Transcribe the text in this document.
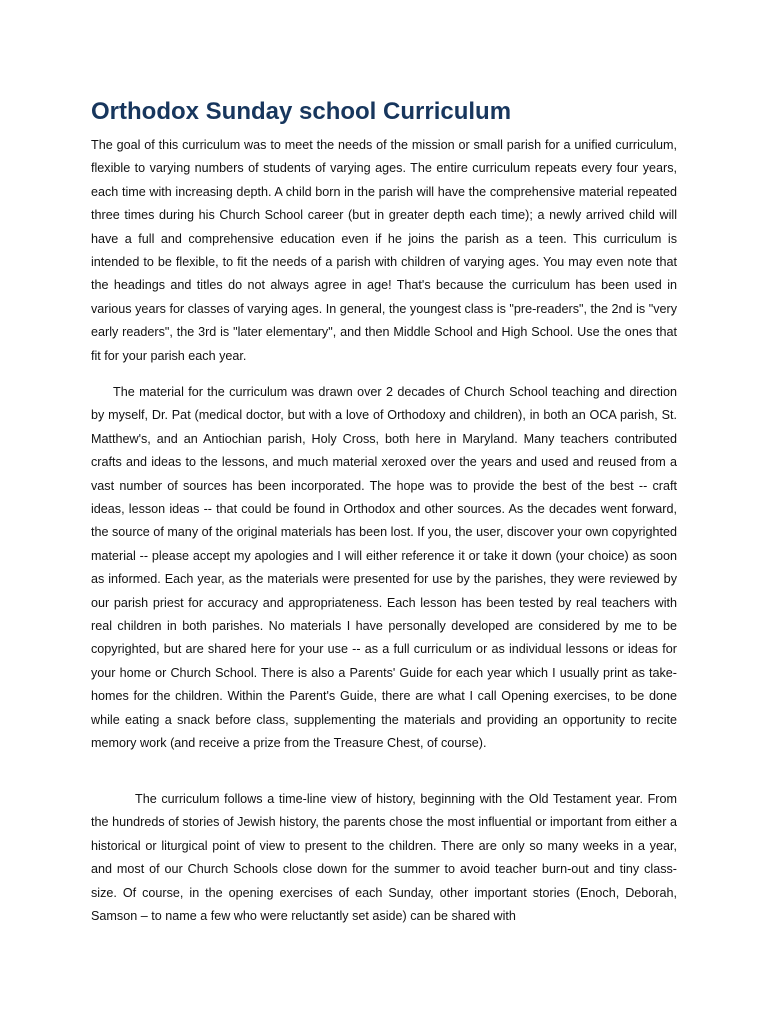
Orthodox Sunday school Curriculum

The goal of this curriculum was to meet the needs of the mission or small parish for a unified curriculum, flexible to varying numbers of students of varying ages. The entire curriculum repeats every four years, each time with increasing depth. A child born in the parish will have the comprehensive material repeated three times during his Church School career (but in greater depth each time); a newly arrived child will have a full and comprehensive education even if he joins the parish as a teen. This curriculum is intended to be flexible, to fit the needs of a parish with children of varying ages. You may even note that the headings and titles do not always agree in age! That's because the curriculum has been used in various years for classes of varying ages. In general, the youngest class is "pre-readers", the 2nd is "very early readers", the 3rd is "later elementary", and then Middle School and High School. Use the ones that fit for your parish each year.

The material for the curriculum was drawn over 2 decades of Church School teaching and direction by myself, Dr. Pat (medical doctor, but with a love of Orthodoxy and children), in both an OCA parish, St. Matthew's, and an Antiochian parish, Holy Cross, both here in Maryland. Many teachers contributed crafts and ideas to the lessons, and much material xeroxed over the years and used and reused from a vast number of sources has been incorporated. The hope was to provide the best of the best -- craft ideas, lesson ideas -- that could be found in Orthodox and other sources. As the decades went forward, the source of many of the original materials has been lost. If you, the user, discover your own copyrighted material -- please accept my apologies and I will either reference it or take it down (your choice) as soon as informed. Each year, as the materials were presented for use by the parishes, they were reviewed by our parish priest for accuracy and appropriateness. Each lesson has been tested by real teachers with real children in both parishes. No materials I have personally developed are considered by me to be copyrighted, but are shared here for your use -- as a full curriculum or as individual lessons or ideas for your home or Church School. There is also a Parents' Guide for each year which I usually print as take-homes for the children. Within the Parent's Guide, there are what I call Opening exercises, to be done while eating a snack before class, supplementing the materials and providing an opportunity to recite memory work (and receive a prize from the Treasure Chest, of course).

The curriculum follows a time-line view of history, beginning with the Old Testament year. From the hundreds of stories of Jewish history, the parents chose the most influential or important from either a historical or liturgical point of view to present to the children. There are only so many weeks in a year, and most of our Church Schools close down for the summer to avoid teacher burn-out and tiny class-size. Of course, in the opening exercises of each Sunday, other important stories (Enoch, Deborah, Samson – to name a few who were reluctantly set aside) can be shared with
